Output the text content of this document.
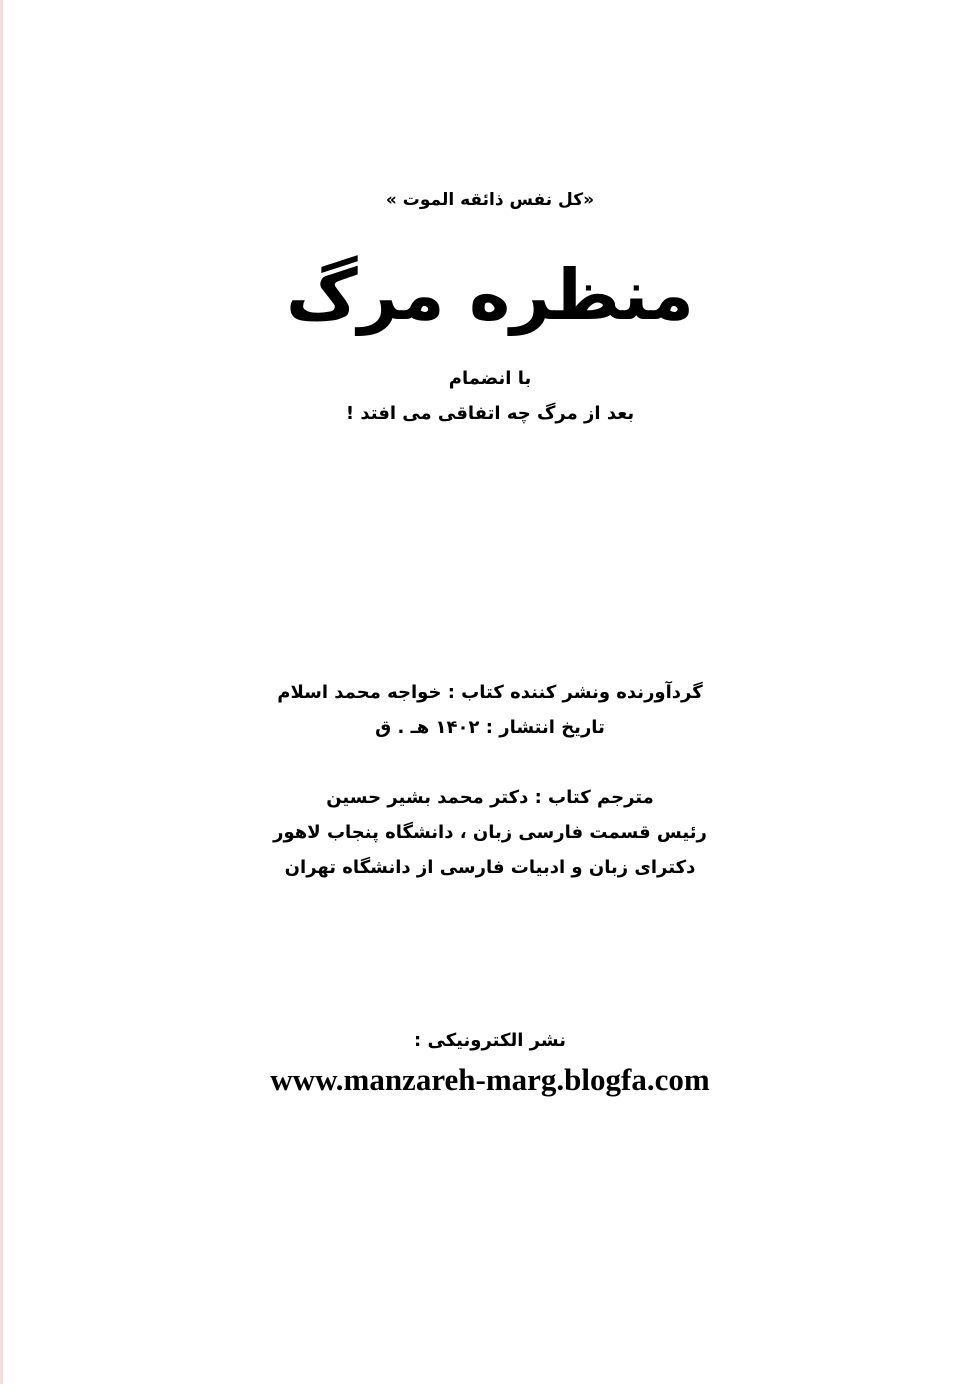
«کل نفس ذائقه الموت »
منظره مرگ
با انضمام
بعد از مرگ چه اتفاقی می افتد !
گردآورنده ونشر کننده کتاب : خواجه محمد اسلام
تاریخ انتشار : ۱۴۰۲ هـ . ق
مترجم کتاب : دکتر محمد بشیر حسین
رئیس قسمت فارسی زبان ، دانشگاه پنجاب لاهور
دکترای زبان و ادبیات فارسی از دانشگاه تهران
نشر الکترونیکی :
www.manzareh-marg.blogfa.com
